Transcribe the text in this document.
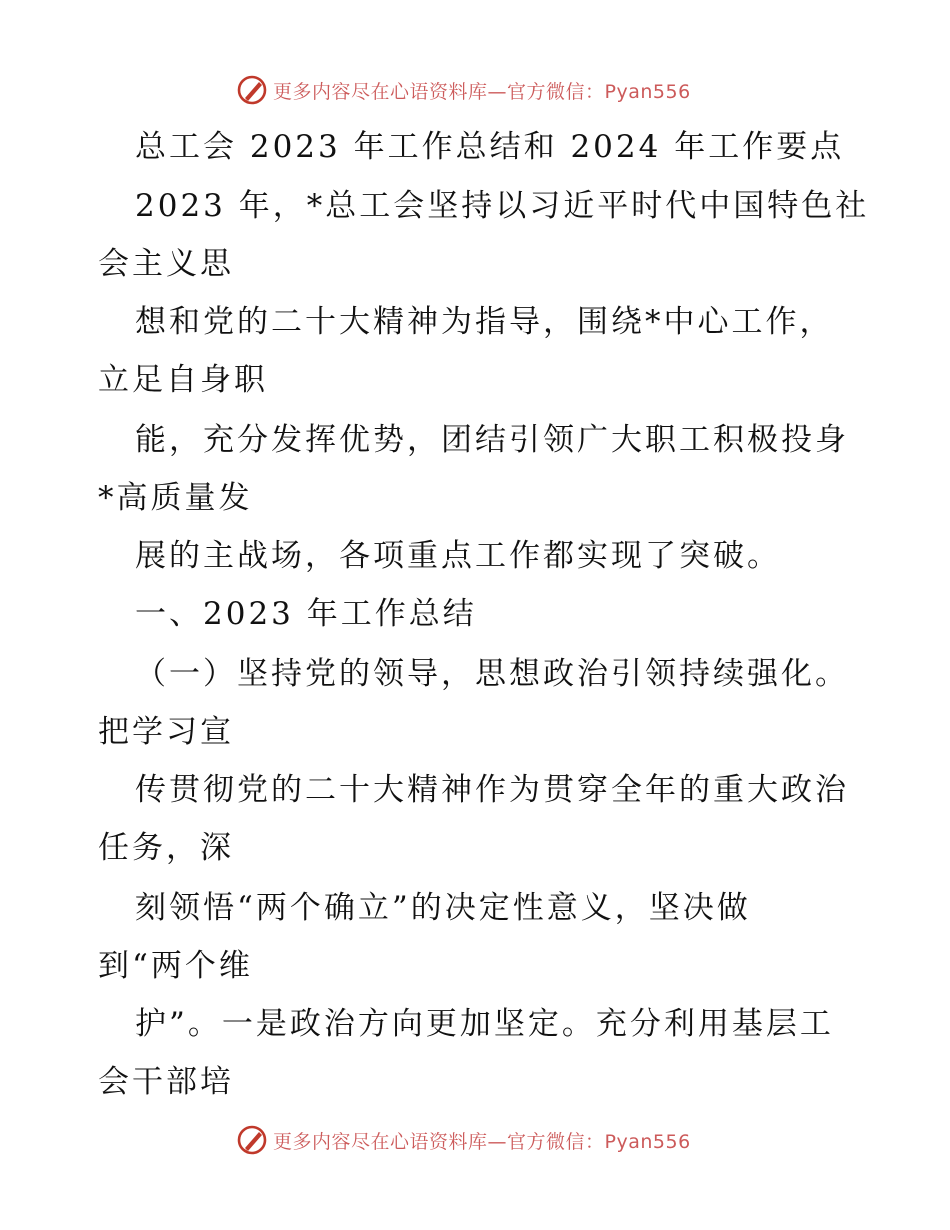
更多内容尽在心语资料库—官方微信：Pyan556
总工会 2023 年工作总结和 2024 年工作要点
2023 年，*总工会坚持以习近平时代中国特色社
会主义思
想和党的二十大精神为指导，围绕*中心工作，
立足自身职
能，充分发挥优势，团结引领广大职工积极投身
*高质量发
展的主战场，各项重点工作都实现了突破。
一、2023 年工作总结
（一）坚持党的领导，思想政治引领持续强化。
把学习宣
传贯彻党的二十大精神作为贯穿全年的重大政治
任务，深
刻领悟“两个确立”的决定性意义，坚决做
到“两个维
护”。一是政治方向更加坚定。充分利用基层工
会干部培
更多内容尽在心语资料库—官方微信：Pyan556
